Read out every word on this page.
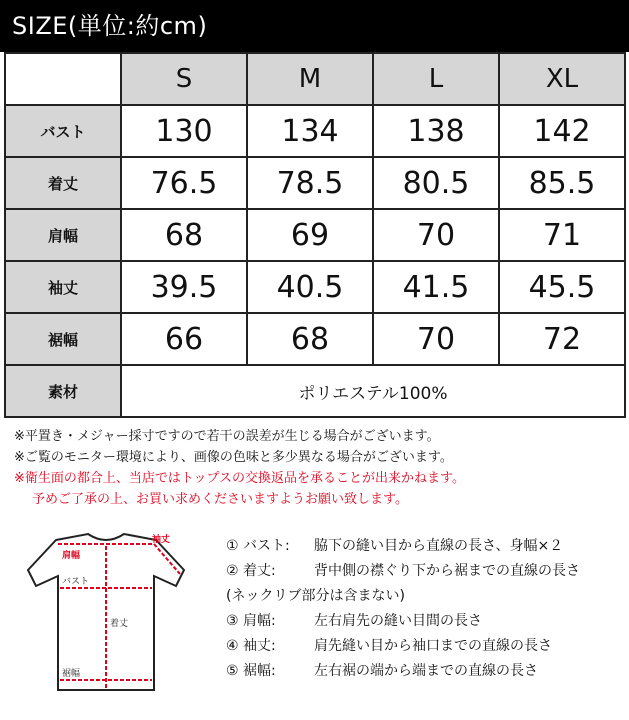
SIZE(単位:約cm)
	S	M	L	XL
バスト	130	134	138	142
着丈	76.5	78.5	80.5	85.5
肩幅	68	69	70	71
袖丈	39.5	40.5	41.5	45.5
裾幅	66	68	70	72
素材	ポリエステル100%			
※平置き・メジャー採寸ですので若干の誤差が生じる場合がございます。
※ご覧のモニター環境により、画像の色味と多少異なる場合がございます。
※衛生面の都合上、当店ではトップスの交換返品を承ることが出来かねます。
予めご了承の上、お買い求めくださいますようお願い致します。
肩幅
袖丈
バスト
着丈
裾幅
① バスト: 脇下の縫い目から直線の長さ、身幅×２
② 着丈:	背中側の襟ぐり下から裾までの直線の長さ
(ネックリブ部分は含まない)
③ 肩幅:	左右肩先の縫い目間の長さ
④ 袖丈:	肩先縫い目から袖口までの直線の長さ
⑤ 裾幅:	左右裾の端から端までの直線の長さ
